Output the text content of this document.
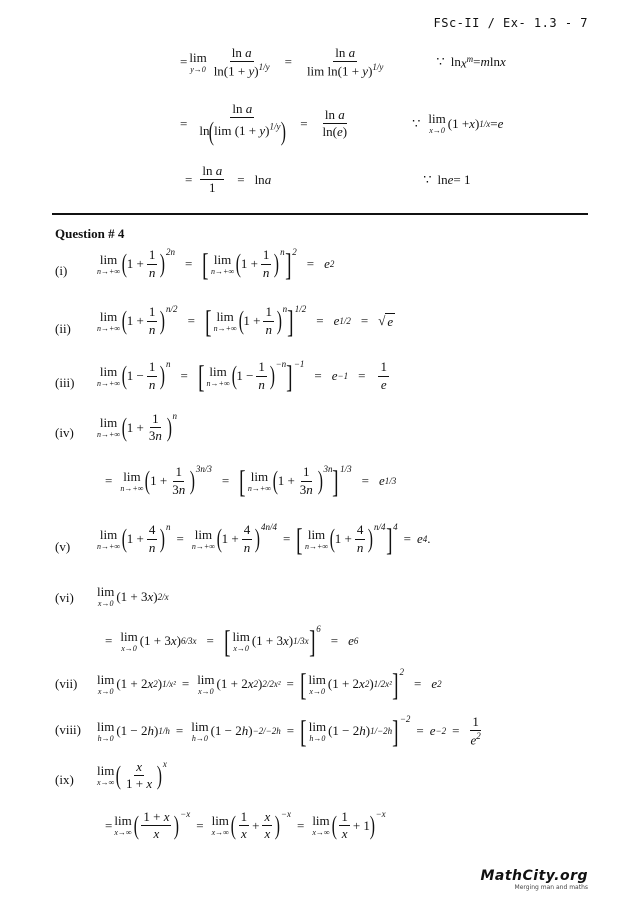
FSc-II / Ex- 1.3 - 7
= lim
$y\to 0 \frac{\text{ln a}}{\ln(1 + y)^{1/y}} = \frac{\text{ln a}}{\lim \ln(1 + y)^{1/y}}$	∵ $\ln x^m = m$ ln x
= $\frac{\text{ln a}}{\ln(\lim (1 + y)^{1/y})} = \frac{\text{ln a}}{\ln(e)}$	∵ lim
x→0 (1 + x ) 1/x = e
= $\frac{\text{ln a}}{1} = \ln a$	∵ ln e = 1
Question # 4
(i)
lim
n→+∞ ( $1 + \frac{1}{n}$ ) 2n
= [ lim
n→+∞ ( $1 + \frac{1}{n}$ ) n ] 2
= e 2
(ii)
lim
n→+∞ ( $1 + \frac{1}{n}$ ) n/2
= [ lim
n→+∞ ( $1 + \frac{1}{n}$ ) n ] 1/2
= e 1/2 = √ e
(iii)
lim
n→+∞ ( $1 - \frac{1}{n}$ ) n
= [ lim
n→+∞ ( $1 - \frac{1}{n}$ ) −n ] −1
= $e -1 = \frac{1}{e}$
(iv)
lim
n→+∞ ( $1 + \frac{1}{3n}$ ) n
= lim
n→+∞ ( $1 + \frac{1}{3n}$ ) 3n/3
= [ lim
n→+∞ ( $1 + \frac{1}{3n}$ ) 3n ] 1/3
= e 1/3
(v)
lim
n→+∞ ( $1 + \frac{4}{n}$ ) n
= lim
n→+∞ ( $1 + \frac{4}{n}$ ) 4n/4
= [ lim
n→+∞ ( $1 + \frac{4}{n}$ ) n/4 ] 4
= e 4 .
(vi) lim
x→0 (1 + 3 x ) 2/x
= lim
x→0 (1 + 3 x ) 6/3x = [ lim
x→0 (1 + 3 x ) 1/3x ] 6
= e 6
(vii) lim
x→0 (1 + 2 x 2 ) 1/x² = lim
x→0 (1 + 2 x 2 ) 2/2x² = [ lim
x→0 (1 + 2 x 2 ) 1/2x² ] 2
= e 2
(viii) lim
h→0 (1 − 2 h ) 1/h = lim
h→0 (1 − 2 h ) −2/−2h = [ lim
h→0 (1 − 2 h ) 1/−2h ] −2
= $e -2 = \frac{1}{e^2}$
(ix)
lim
x→∞ ( $\frac{x}{1 + x}$ ) x
= lim
x→∞ ( $\frac{1 + x}{x}$ ) −x
= lim
x→∞ ( $\frac{1}{x} + \frac{x}{x}$ ) −x
= lim
x→∞ ( $\frac{1}{x} + 1$ ) −x
MathCity.org
Merging man and maths
